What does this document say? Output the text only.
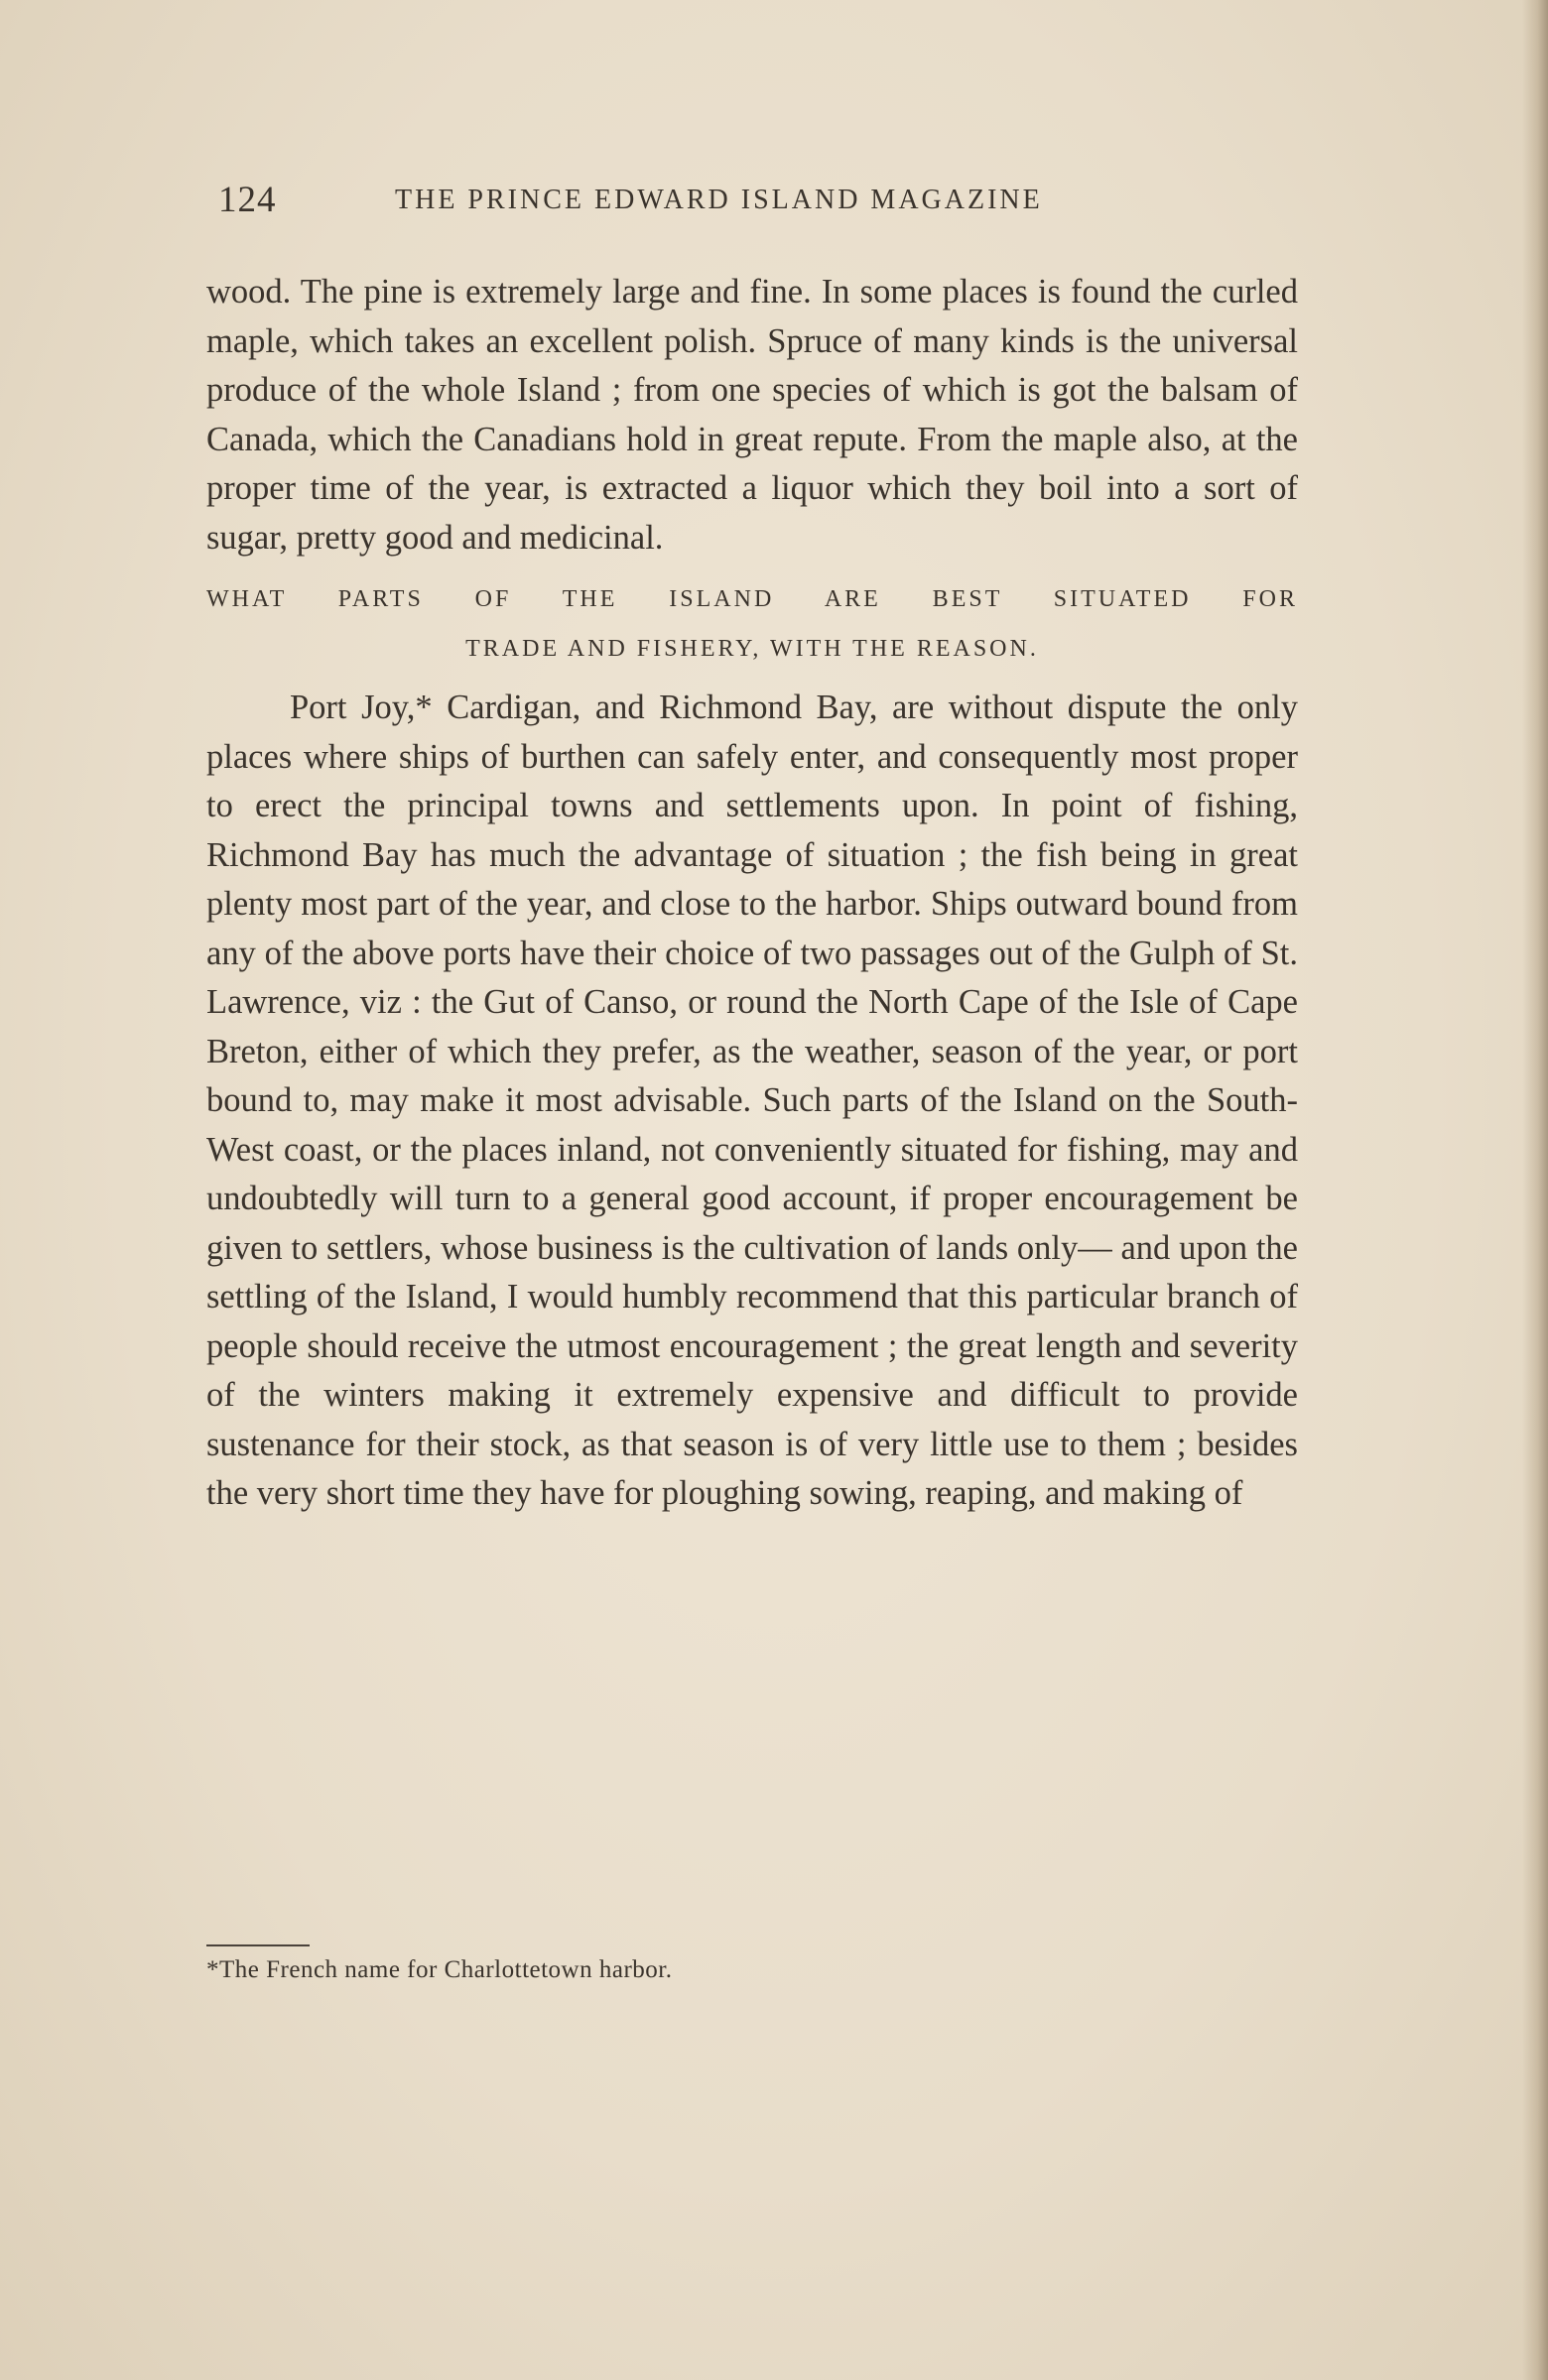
124	THE PRINCE EDWARD ISLAND MAGAZINE

wood. The pine is extremely large and fine. In some places is found the curled maple, which takes an excellent polish. Spruce of many kinds is the universal produce of the whole Island ; from one species of which is got the balsam of Canada, which the Canadians hold in great repute. From the maple also, at the proper time of the year, is extracted a liquor which they boil into a sort of sugar, pretty good and medicinal.

WHAT PARTS OF THE ISLAND ARE BEST SITUATED FOR
TRADE AND FISHERY, WITH THE REASON.

Port Joy,* Cardigan, and Richmond Bay, are without dispute the only places where ships of burthen can safely enter, and consequently most proper to erect the principal towns and settlements upon. In point of fishing, Richmond Bay has much the advantage of situation ; the fish being in great plenty most part of the year, and close to the harbor. Ships outward bound from any of the above ports have their choice of two passages out of the Gulph of St. Lawrence, viz : the Gut of Canso, or round the North Cape of the Isle of Cape Breton, either of which they prefer, as the weather, season of the year, or port bound to, may make it most advisable. Such parts of the Island on the South-West coast, or the places inland, not conveniently situated for fishing, may and undoubtedly will turn to a general good account, if proper encouragement be given to settlers, whose business is the cultivation of lands only— and upon the settling of the Island, I would humbly recommend that this particular branch of people should receive the utmost encouragement ; the great length and severity of the winters making it extremely expensive and difficult to provide sustenance for their stock, as that season is of very little use to them ; besides the very short time they have for ploughing sowing, reaping, and making of

*The French name for Charlottetown harbor.
